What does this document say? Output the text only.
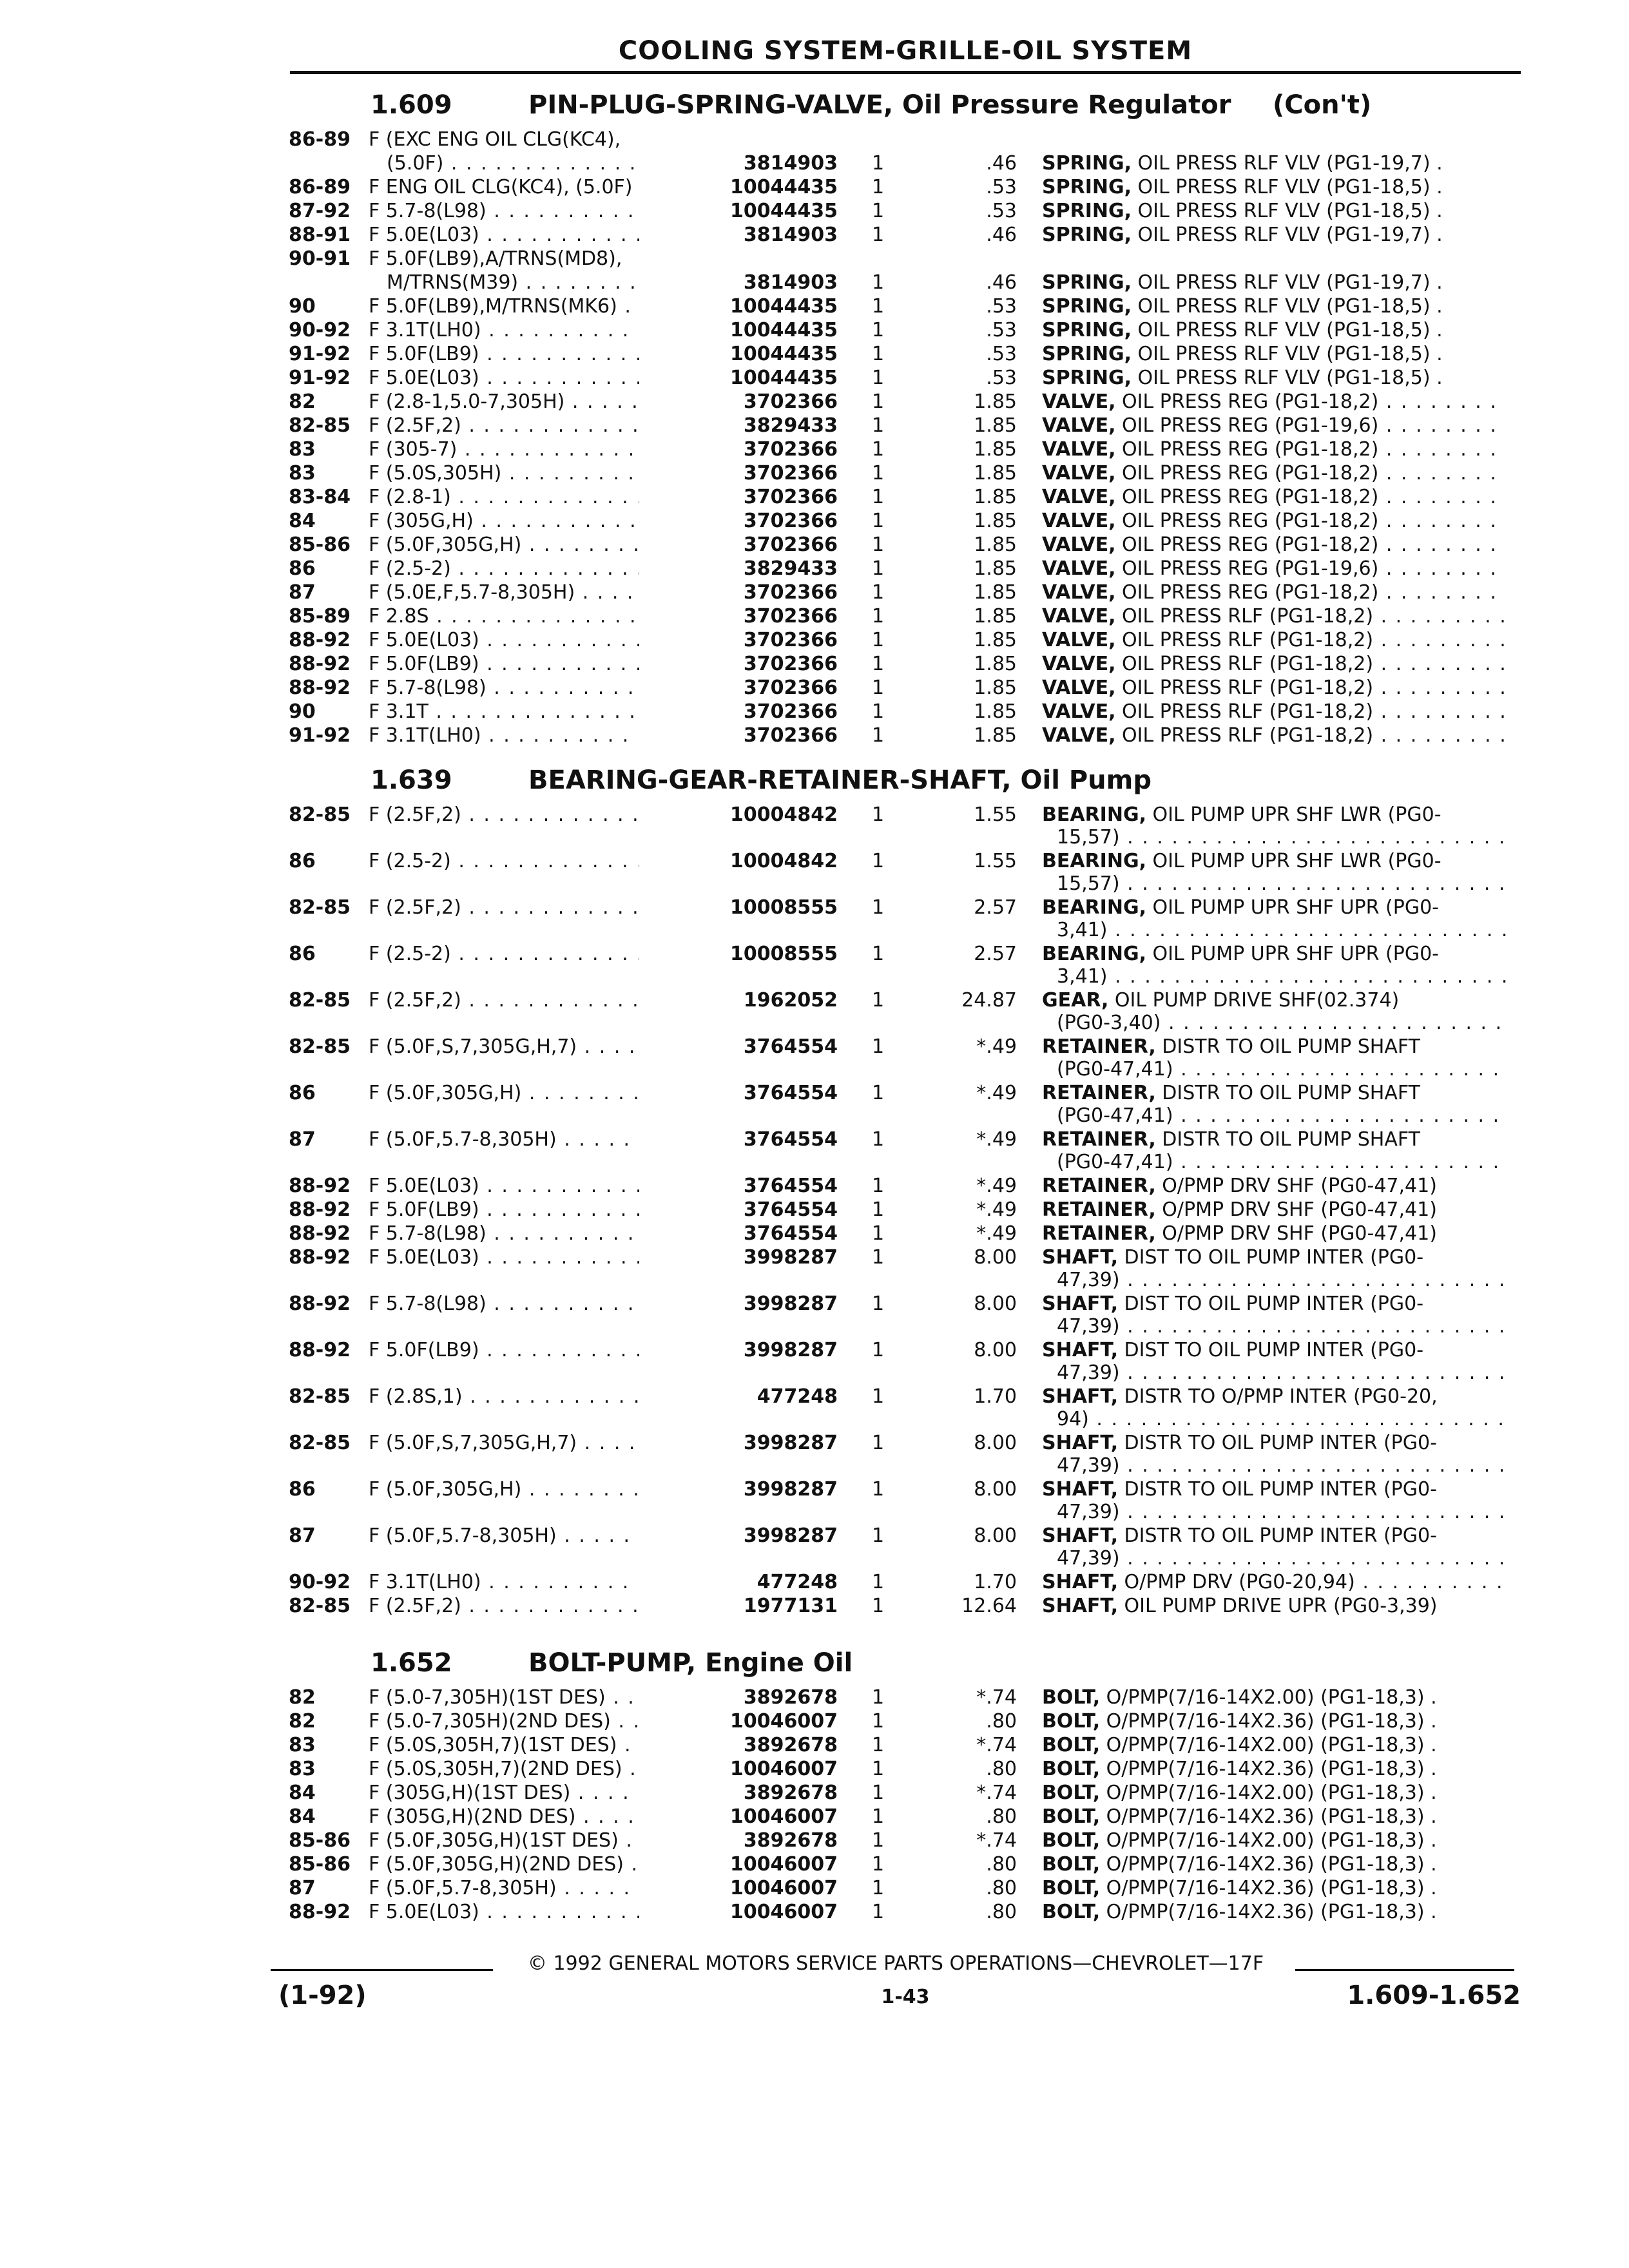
COOLING SYSTEM-GRILLE-OIL SYSTEM
1.609	PIN-PLUG-SPRING-VALVE, Oil Pressure Regulator (Con't)
86-89 F (EXC ENG OIL CLG(KC4),
(5.0F) . . .	3814903 1	.46 SPRING, OIL PRESS RLF VLV (PG1-19,7) .
86-89 F ENG OIL CLG(KC4), (5.0F) . . .	10044435 1	.53 SPRING, OIL PRESS RLF VLV (PG1-18,5) .
87-92 F 5.7-8(L98) . . .	10044435 1	.53 SPRING, OIL PRESS RLF VLV (PG1-18,5) .
88-91 F 5.0E(L03) . . .	3814903 1	.46 SPRING, OIL PRESS RLF VLV (PG1-19,7) .
90-91 F 5.0F(LB9),A/TRNS(MD8),
M/TRNS(M39) . . .	3814903 1	.46 SPRING, OIL PRESS RLF VLV (PG1-19,7) .
90	F 5.0F(LB9),M/TRNS(MK6) . . .	10044435 1	.53 SPRING, OIL PRESS RLF VLV (PG1-18,5) .
90-92 F 3.1T(LH0) . . .	10044435 1	.53 SPRING, OIL PRESS RLF VLV (PG1-18,5) .
91-92 F 5.0F(LB9) . . .	10044435 1	.53 SPRING, OIL PRESS RLF VLV (PG1-18,5) .
91-92 F 5.0E(L03) . . .	10044435 1	.53 SPRING, OIL PRESS RLF VLV (PG1-18,5) .
82	F (2.8-1,5.0-7,305H) . . .	3702366 1	1.85 VALVE, OIL PRESS REG (PG1-18,2) . . .
82-85 F (2.5F,2) . . .	3829433 1	1.85 VALVE, OIL PRESS REG (PG1-19,6) . . .
83	F (305-7) . . .	3702366 1	1.85 VALVE, OIL PRESS REG (PG1-18,2) . . .
83	F (5.0S,305H) . . .	3702366 1	1.85 VALVE, OIL PRESS REG (PG1-18,2) . . .
83-84 F (2.8-1) . . .	3702366 1	1.85 VALVE, OIL PRESS REG (PG1-18,2) . . .
84	F (305G,H) . . .	3702366 1	1.85 VALVE, OIL PRESS REG (PG1-18,2) . . .
85-86 F (5.0F,305G,H) . . .	3702366 1	1.85 VALVE, OIL PRESS REG (PG1-18,2) . . .
86	F (2.5-2) . . .	3829433 1	1.85 VALVE, OIL PRESS REG (PG1-19,6) . . .
87	F (5.0E,F,5.7-8,305H) . . .	3702366 1	1.85 VALVE, OIL PRESS REG (PG1-18,2) . . .
85-89 F 2.8S . . .	3702366 1	1.85 VALVE, OIL PRESS RLF (PG1-18,2) . . .
88-92 F 5.0E(L03) . . .	3702366 1	1.85 VALVE, OIL PRESS RLF (PG1-18,2) . . .
88-92 F 5.0F(LB9) . . .	3702366 1	1.85 VALVE, OIL PRESS RLF (PG1-18,2) . . .
88-92 F 5.7-8(L98) . . .	3702366 1	1.85 VALVE, OIL PRESS RLF (PG1-18,2) . . .
90	F 3.1T . . .	3702366 1	1.85 VALVE, OIL PRESS RLF (PG1-18,2) . . .
91-92 F 3.1T(LH0) . . .	3702366 1	1.85 VALVE, OIL PRESS RLF (PG1-18,2) . . .
1.639	BEARING-GEAR-RETAINER-SHAFT, Oil Pump
82-85 F (2.5F,2) . . .	10004842 1	1.55 BEARING, OIL PUMP UPR SHF LWR (PG0-
15,57) . . .
86	F (2.5-2) . . .	10004842 1	1.55 BEARING, OIL PUMP UPR SHF LWR (PG0-
15,57) . . .
82-85 F (2.5F,2) . . .	10008555 1	2.57 BEARING, OIL PUMP UPR SHF UPR (PG0-
3,41) . . .
86	F (2.5-2) . . .	10008555 1	2.57 BEARING, OIL PUMP UPR SHF UPR (PG0-
3,41) . . .
82-85 F (2.5F,2) . . .	1962052 1	24.87 GEAR, OIL PUMP DRIVE SHF(02.374)
(PG0-3,40) . . .
82-85 F (5.0F,S,7,305G,H,7) . . .	3764554 1	*.49 RETAINER, DISTR TO OIL PUMP SHAFT
(PG0-47,41) . . .
86	F (5.0F,305G,H) . . .	3764554 1	*.49 RETAINER, DISTR TO OIL PUMP SHAFT
(PG0-47,41) . . .
87	F (5.0F,5.7-8,305H) . . .	3764554 1	*.49 RETAINER, DISTR TO OIL PUMP SHAFT
(PG0-47,41) . . .
88-92 F 5.0E(L03) . . .	3764554 1	*.49 RETAINER, O/PMP DRV SHF (PG0-47,41)
88-92 F 5.0F(LB9) . . .	3764554 1	*.49 RETAINER, O/PMP DRV SHF (PG0-47,41)
88-92 F 5.7-8(L98) . . .	3764554 1	*.49 RETAINER, O/PMP DRV SHF (PG0-47,41)
88-92 F 5.0E(L03) . . .	3998287 1	8.00 SHAFT, DIST TO OIL PUMP INTER (PG0-
47,39) . . .
88-92 F 5.7-8(L98) . . .	3998287 1	8.00 SHAFT, DIST TO OIL PUMP INTER (PG0-
47,39) . . .
88-92 F 5.0F(LB9) . . .	3998287 1	8.00 SHAFT, DIST TO OIL PUMP INTER (PG0-
47,39) . . .
82-85 F (2.8S,1) . . .	477248 1	1.70 SHAFT, DISTR TO O/PMP INTER (PG0-20,
94) . . .
82-85 F (5.0F,S,7,305G,H,7) . . .	3998287 1	8.00 SHAFT, DISTR TO OIL PUMP INTER (PG0-
47,39) . . .
86	F (5.0F,305G,H) . . .	3998287 1	8.00 SHAFT, DISTR TO OIL PUMP INTER (PG0-
47,39) . . .
87	F (5.0F,5.7-8,305H) . . .	3998287 1	8.00 SHAFT, DISTR TO OIL PUMP INTER (PG0-
47,39) . . .
90-92 F 3.1T(LH0) . . .	477248 1	1.70 SHAFT, O/PMP DRV (PG0-20,94) . . .
82-85 F (2.5F,2) . . .	1977131 1	12.64 SHAFT, OIL PUMP DRIVE UPR (PG0-3,39)
1.652	BOLT-PUMP, Engine Oil
82	F (5.0-7,305H)(1ST DES) . . .	3892678 1	*.74 BOLT, O/PMP(7/16-14X2.00) (PG1-18,3) .
82	F (5.0-7,305H)(2ND DES) . . .	10046007 1	.80 BOLT, O/PMP(7/16-14X2.36) (PG1-18,3) .
83	F (5.0S,305H,7)(1ST DES) . . .	3892678 1	*.74 BOLT, O/PMP(7/16-14X2.00) (PG1-18,3) .
83	F (5.0S,305H,7)(2ND DES) . . .	10046007 1	.80 BOLT, O/PMP(7/16-14X2.36) (PG1-18,3) .
84	F (305G,H)(1ST DES) . . .	3892678 1	*.74 BOLT, O/PMP(7/16-14X2.00) (PG1-18,3) .
84	F (305G,H)(2ND DES) . . .	10046007 1	.80 BOLT, O/PMP(7/16-14X2.36) (PG1-18,3) .
85-86 F (5.0F,305G,H)(1ST DES) . . .	3892678 1	*.74 BOLT, O/PMP(7/16-14X2.00) (PG1-18,3) .
85-86 F (5.0F,305G,H)(2ND DES) . . .	10046007 1	.80 BOLT, O/PMP(7/16-14X2.36) (PG1-18,3) .
87	F (5.0F,5.7-8,305H) . . .	10046007 1	.80 BOLT, O/PMP(7/16-14X2.36) (PG1-18,3) .
88-92 F 5.0E(L03) . . .	10046007 1	.80 BOLT, O/PMP(7/16-14X2.36) (PG1-18,3) .
© 1992 GENERAL MOTORS SERVICE PARTS OPERATIONS—CHEVROLET—17F
(1-92)	1-43	1.609-1.652
